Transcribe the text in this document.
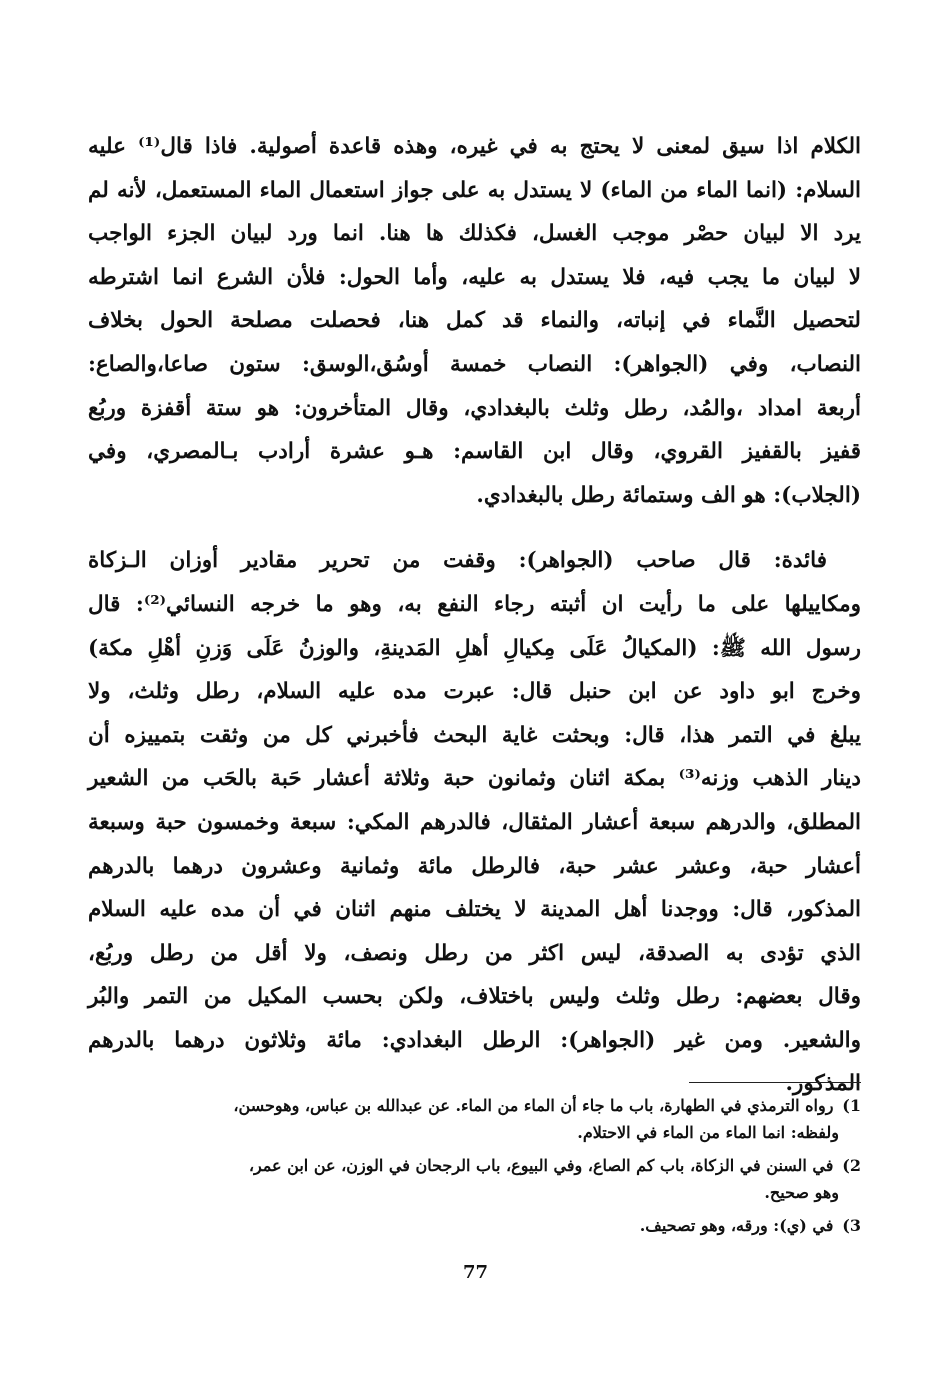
الكلام اذا سيق لمعنى لا يحتج به في غيره، وهذه قاعدة أصولية. فاذا قال⁽¹⁾ عليه
السلام: (انما الماء من الماء) لا يستدل به على جواز استعمال الماء المستعمل، لأنه لم
يرد الا لبيان حصْر موجب الغسل، فكذلك ها هنا. انما ورد لبيان الجزء الواجب
لا لبيان ما يجب فيه، فلا يستدل به عليه، وأما الحول: فلأن الشرع انما اشترطه
لتحصيل النَّماء في إنباته، والنماء قد كمل هنا، فحصلت مصلحة الحول بخلاف
النصاب، وفي (الجواهر): النصاب خمسة أوسُق،الوسق: ستون صاعا،والصاع:
أربعة امداد ،والمُد، رطل وثلث بالبغدادي، وقال المتأخرون: هو ستة أقفزة وربُع
قفيز بالقفيز القروي، وقال ابن القاسم: هـو عشرة أرادب بـالمصري، وفي
(الجلاب): هو الف وستمائة رطل بالبغدادي.
فائدة: قال صاحب (الجواهر): وقفت من تحرير مقادير أوزان الـزكاة
ومكاييلها على ما رأيت ان أثبته رجاء النفع به، وهو ما خرجه النسائي⁽²⁾: قال
رسول الله ﷺ: (المكيالُ عَلَى مِكيالِ أهلِ المَدينةِ، والوزنُ عَلَى وَزنِ أهْلِ مكة)
وخرج ابو داود عن ابن حنبل قال: عبرت مده عليه السلام، رطل وثلث، ولا
يبلغ في التمر هذا، قال: وبحثت غاية البحث فأخبرني كل من وثقت بتمييزه أن
دينار الذهب وزنه⁽³⁾ بمكة اثنان وثمانون حبة وثلاثة أعشار حَبة بالحَب من الشعير
المطلق، والدرهم سبعة أعشار المثقال، فالدرهم المكي: سبعة وخمسون حبة وسبعة
أعشار حبة، وعشر عشر حبة، فالرطل مائة وثمانية وعشرون درهما بالدرهم
المذكور، قال: ووجدنا أهل المدينة لا يختلف منهم اثنان في أن مده عليه السلام
الذي تؤدى به الصدقة، ليس اكثر من رطل ونصف، ولا أقل من رطل وربُع،
وقال بعضهم: رطل وثلث وليس باختلاف، ولكن بحسب المكيل من التمر والبُر
والشعير. ومن غير (الجواهر): الرطل البغدادي: مائة وثلاثون درهما بالدرهم
المذكور.
1) رواه الترمذي في الطهارة، باب ما جاء أن الماء من الماء. عن عبدالله بن عباس، وهوحسن،
ولفظه: انما الماء من الماء في الاحتلام.
2) في السنن في الزكاة، باب كم الصاع، وفي البيوع، باب الرجحان في الوزن، عن ابن عمر،
وهو صحيح.
3) في (ي): ورقه، وهو تصحيف.
77
